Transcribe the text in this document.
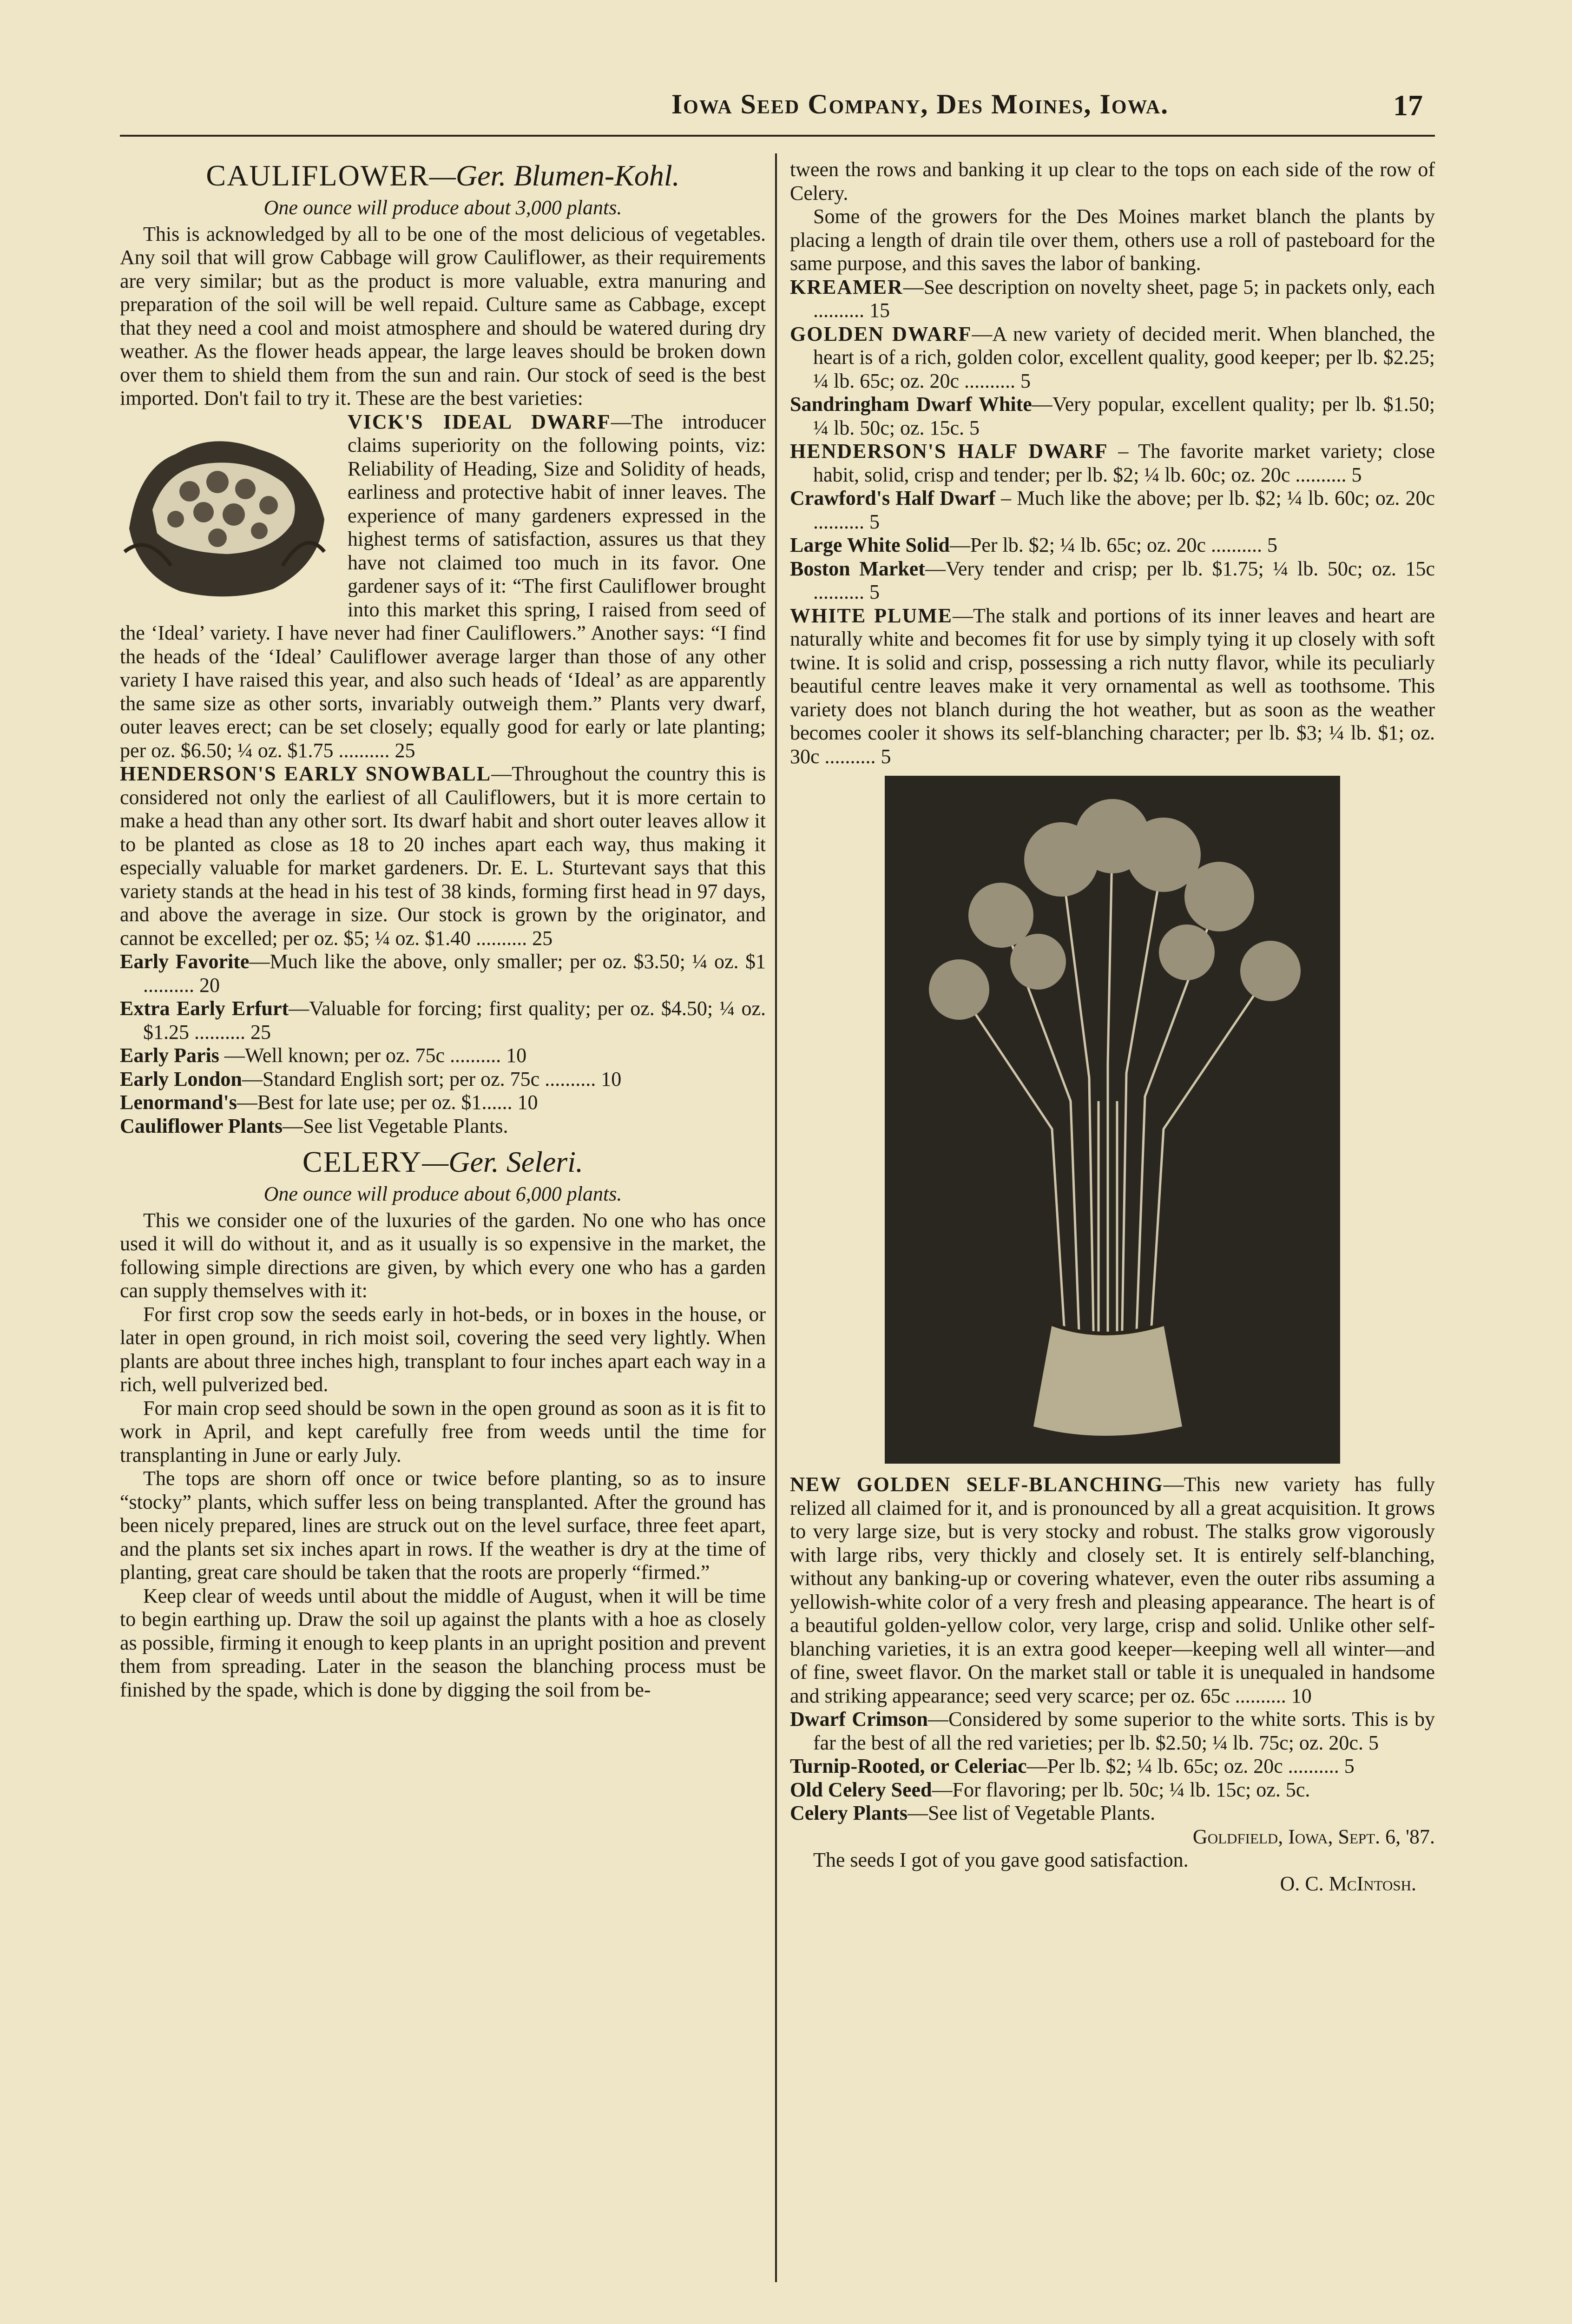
Iowa Seed Company, Des Moines, Iowa.	17

CAULIFLOWER—Ger. Blumen-Kohl.

One ounce will produce about 3,000 plants.

This is acknowledged by all to be one of the most delicious of vegetables. Any soil that will grow Cabbage will grow Cauliflower, as their requirements are very similar; but as the product is more valuable, extra manuring and preparation of the soil will be well repaid. Culture same as Cabbage, except that they need a cool and moist atmosphere and should be watered during dry weather. As the flower heads appear, the large leaves should be broken down over them to shield them from the sun and rain. Our stock of seed is the best imported. Don't fail to try it. These are the best varieties:

VICK'S IDEAL DWARF—The introducer claims superiority on the following points, viz: Reliability of Heading, Size and Solidity of heads, earliness and protective habit of inner leaves. The experience of many gardeners expressed in the highest terms of satisfaction, assures us that they have not claimed too much in its favor. One gardener says of it: “The first Cauliflower brought into this market this spring, I raised from seed of the ‘Ideal’ variety. I have never had finer Cauliflowers.” Another says: “I find the heads of the ‘Ideal’ Cauliflower average larger than those of any other variety I have raised this year, and also such heads of ‘Ideal’ as are apparently the same size as other sorts, invariably outweigh them.” Plants very dwarf, outer leaves erect; can be set closely; equally good for early or late planting; per oz. $6.50; ¼ oz. $1.75 .......... 25

HENDERSON'S EARLY SNOWBALL—Throughout the country this is considered not only the earliest of all Cauliflowers, but it is more certain to make a head than any other sort. Its dwarf habit and short outer leaves allow it to be planted as close as 18 to 20 inches apart each way, thus making it especially valuable for market gardeners. Dr. E. L. Sturtevant says that this variety stands at the head in his test of 38 kinds, forming first head in 97 days, and above the average in size. Our stock is grown by the originator, and cannot be excelled; per oz. $5; ¼ oz. $1.40 .......... 25

Early Favorite—Much like the above, only smaller; per oz. $3.50; ¼ oz. $1 .......... 20

Extra Early Erfurt—Valuable for forcing; first quality; per oz. $4.50; ¼ oz. $1.25 .......... 25

Early Paris —Well known; per oz. 75c .......... 10

Early London—Standard English sort; per oz. 75c .......... 10

Lenormand's—Best for late use; per oz. $1...... 10

Cauliflower Plants—See list Vegetable Plants.

CELERY—Ger. Seleri.

One ounce will produce about 6,000 plants.

This we consider one of the luxuries of the garden. No one who has once used it will do without it, and as it usually is so expensive in the market, the following simple directions are given, by which every one who has a garden can supply themselves with it:

For first crop sow the seeds early in hot-beds, or in boxes in the house, or later in open ground, in rich moist soil, covering the seed very lightly. When plants are about three inches high, transplant to four inches apart each way in a rich, well pulverized bed.

For main crop seed should be sown in the open ground as soon as it is fit to work in April, and kept carefully free from weeds until the time for transplanting in June or early July.

The tops are shorn off once or twice before planting, so as to insure “stocky” plants, which suffer less on being transplanted. After the ground has been nicely prepared, lines are struck out on the level surface, three feet apart, and the plants set six inches apart in rows. If the weather is dry at the time of planting, great care should be taken that the roots are properly “firmed.”

Keep clear of weeds until about the middle of August, when it will be time to begin earthing up. Draw the soil up against the plants with a hoe as closely as possible, firming it enough to keep plants in an upright position and prevent them from spreading. Later in the season the blanching process must be finished by the spade, which is done by digging the soil from be-

tween the rows and banking it up clear to the tops on each side of the row of Celery.

Some of the growers for the Des Moines market blanch the plants by placing a length of drain tile over them, others use a roll of pasteboard for the same purpose, and this saves the labor of banking.

KREAMER—See description on novelty sheet, page 5; in packets only, each .......... 15

GOLDEN DWARF—A new variety of decided merit. When blanched, the heart is of a rich, golden color, excellent quality, good keeper; per lb. $2.25; ¼ lb. 65c; oz. 20c .......... 5

Sandringham Dwarf White—Very popular, excellent quality; per lb. $1.50; ¼ lb. 50c; oz. 15c. 5

HENDERSON'S HALF DWARF – The favorite market variety; close habit, solid, crisp and tender; per lb. $2; ¼ lb. 60c; oz. 20c .......... 5

Crawford's Half Dwarf – Much like the above; per lb. $2; ¼ lb. 60c; oz. 20c .......... 5

Large White Solid—Per lb. $2; ¼ lb. 65c; oz. 20c .......... 5

Boston Market—Very tender and crisp; per lb. $1.75; ¼ lb. 50c; oz. 15c .......... 5

WHITE PLUME—The stalk and portions of its inner leaves and heart are naturally white and becomes fit for use by simply tying it up closely with soft twine. It is solid and crisp, possessing a rich nutty flavor, while its peculiarly beautiful centre leaves make it very ornamental as well as toothsome. This variety does not blanch during the hot weather, but as soon as the weather becomes cooler it shows its self-blanching character; per lb. $3; ¼ lb. $1; oz. 30c .......... 5

NEW GOLDEN SELF-BLANCHING—This new variety has fully relized all claimed for it, and is pronounced by all a great acquisition. It grows to very large size, but is very stocky and robust. The stalks grow vigorously with large ribs, very thickly and closely set. It is entirely self-blanching, without any banking-up or covering whatever, even the outer ribs assuming a yellowish-white color of a very fresh and pleasing appearance. The heart is of a beautiful golden-yellow color, very large, crisp and solid. Unlike other self-blanching varieties, it is an extra good keeper—keeping well all winter—and of fine, sweet flavor. On the market stall or table it is unequaled in handsome and striking appearance; seed very scarce; per oz. 65c .......... 10

Dwarf Crimson—Considered by some superior to the white sorts. This is by far the best of all the red varieties; per lb. $2.50; ¼ lb. 75c; oz. 20c. 5

Turnip-Rooted, or Celeriac—Per lb. $2; ¼ lb. 65c; oz. 20c .......... 5

Old Celery Seed—For flavoring; per lb. 50c; ¼ lb. 15c; oz. 5c.

Celery Plants—See list of Vegetable Plants.

Goldfield, Iowa, Sept. 6, '87.

The seeds I got of you gave good satisfaction.

O. C. McIntosh.
